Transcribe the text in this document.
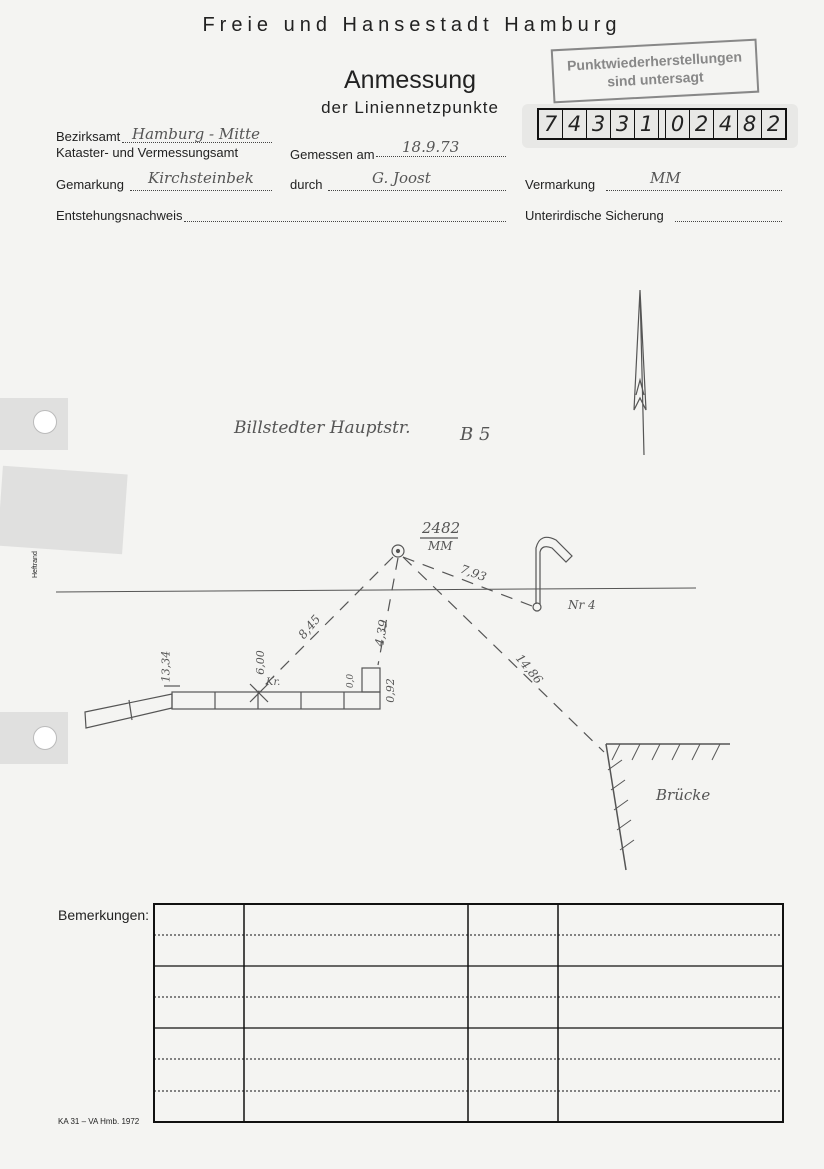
Heftrand
Freie und Hansestadt Hamburg
Anmessung
der Liniennetzpunkte
Punktwiederherstellungen
sind untersagt
7 4 3 3 1 0 2 4 8 2
Bezirksamt Hamburg - Mitte
Kataster- und Vermessungsamt	Gemessen am 18.9.73
Gemarkung Kirchsteinbek	durch	G. Joost	Vermarkung	MM
Entstehungsnachweis	Unterirdische Sicherung
Billstedter Hauptstr.	B 5
2482
MM
7,93
8,45	4,39
14,86
13,34	6,00
0,92
0,0
Kr.
Nr 4
Brücke
Bemerkungen:
KA 31 – VA Hmb. 1972
